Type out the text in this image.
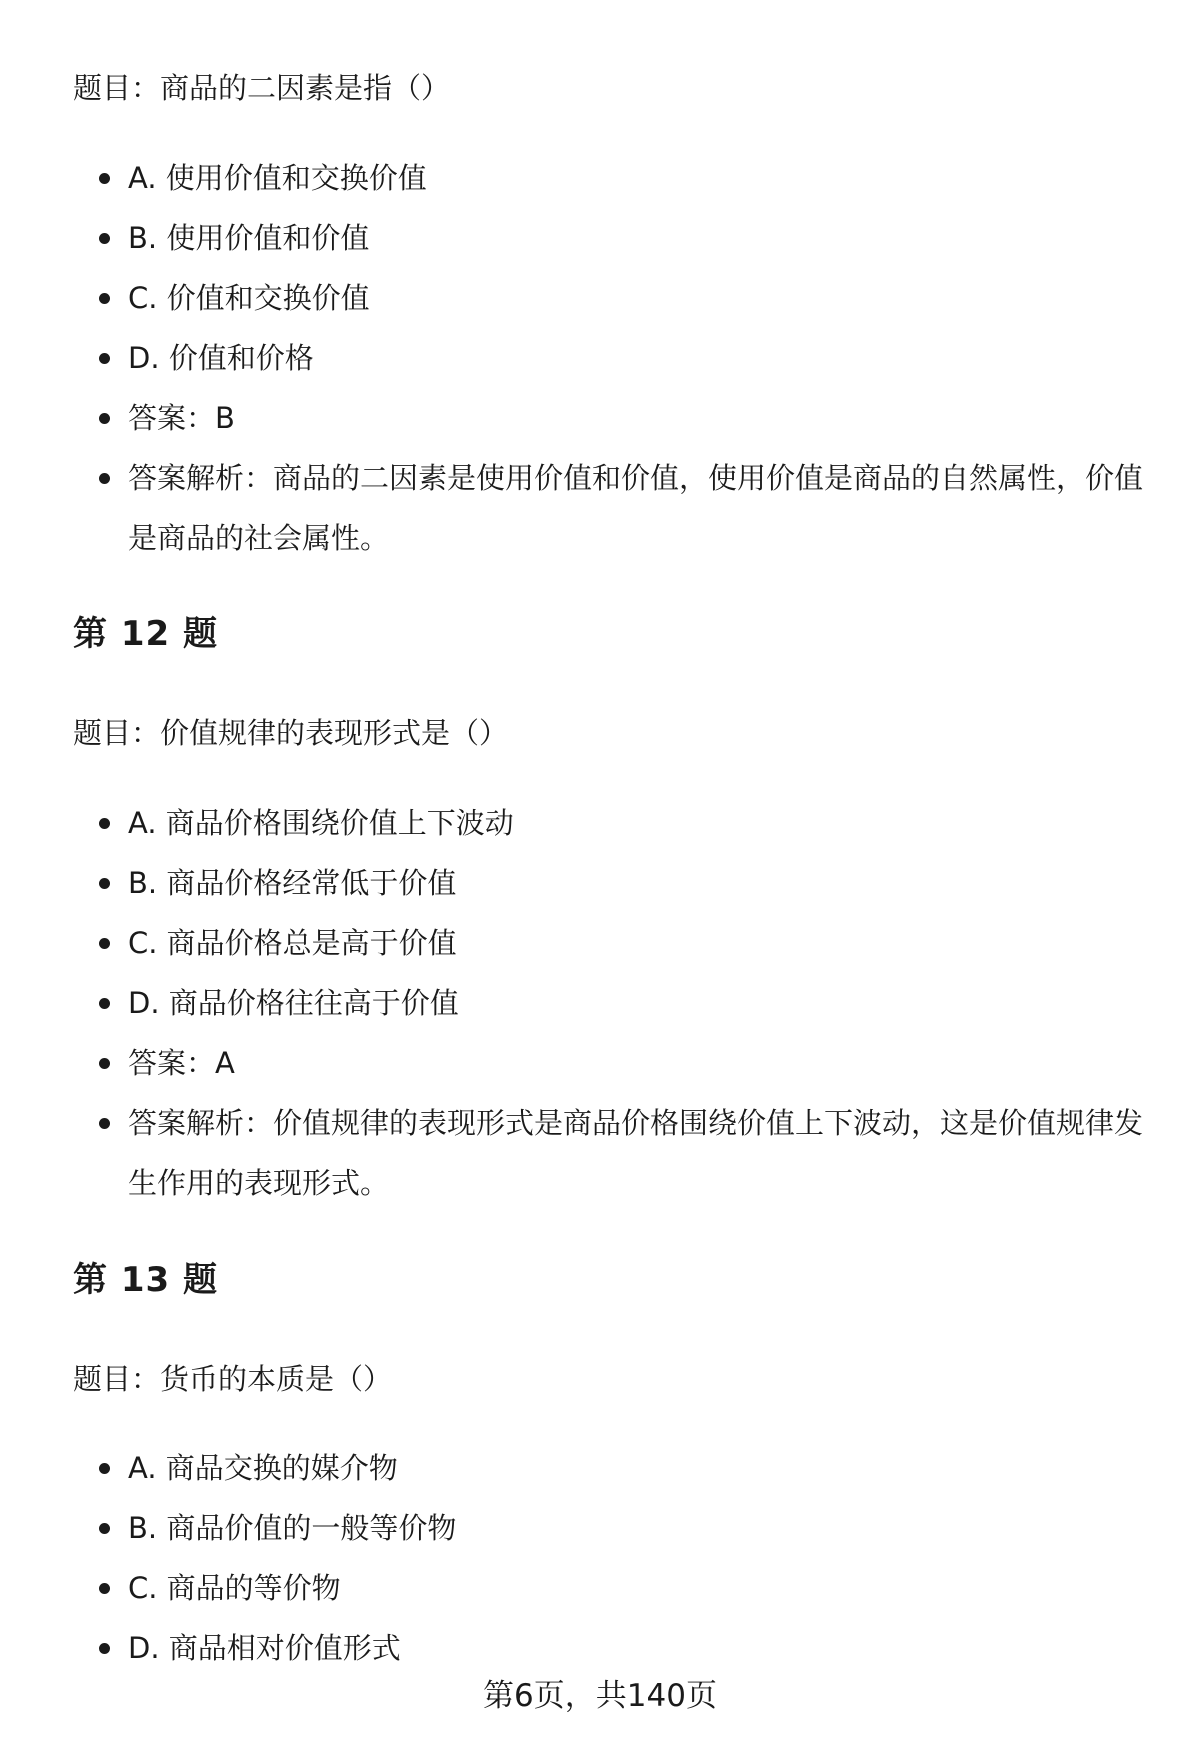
题目：商品的二因素是指（）

A. 使用价值和交换价值
B. 使用价值和价值
C. 价值和交换价值
D. 价值和价格
答案：B
答案解析：商品的二因素是使用价值和价值，使用价值是商品的自然属性，价值是商品的社会属性。
第 12 题

题目：价值规律的表现形式是（）

A. 商品价格围绕价值上下波动
B. 商品价格经常低于价值
C. 商品价格总是高于价值
D. 商品价格往往高于价值
答案：A
答案解析：价值规律的表现形式是商品价格围绕价值上下波动，这是价值规律发生作用的表现形式。
第 13 题

题目：货币的本质是（）

A. 商品交换的媒介物
B. 商品价值的一般等价物
C. 商品的等价物
D. 商品相对价值形式
第6页，共140页
